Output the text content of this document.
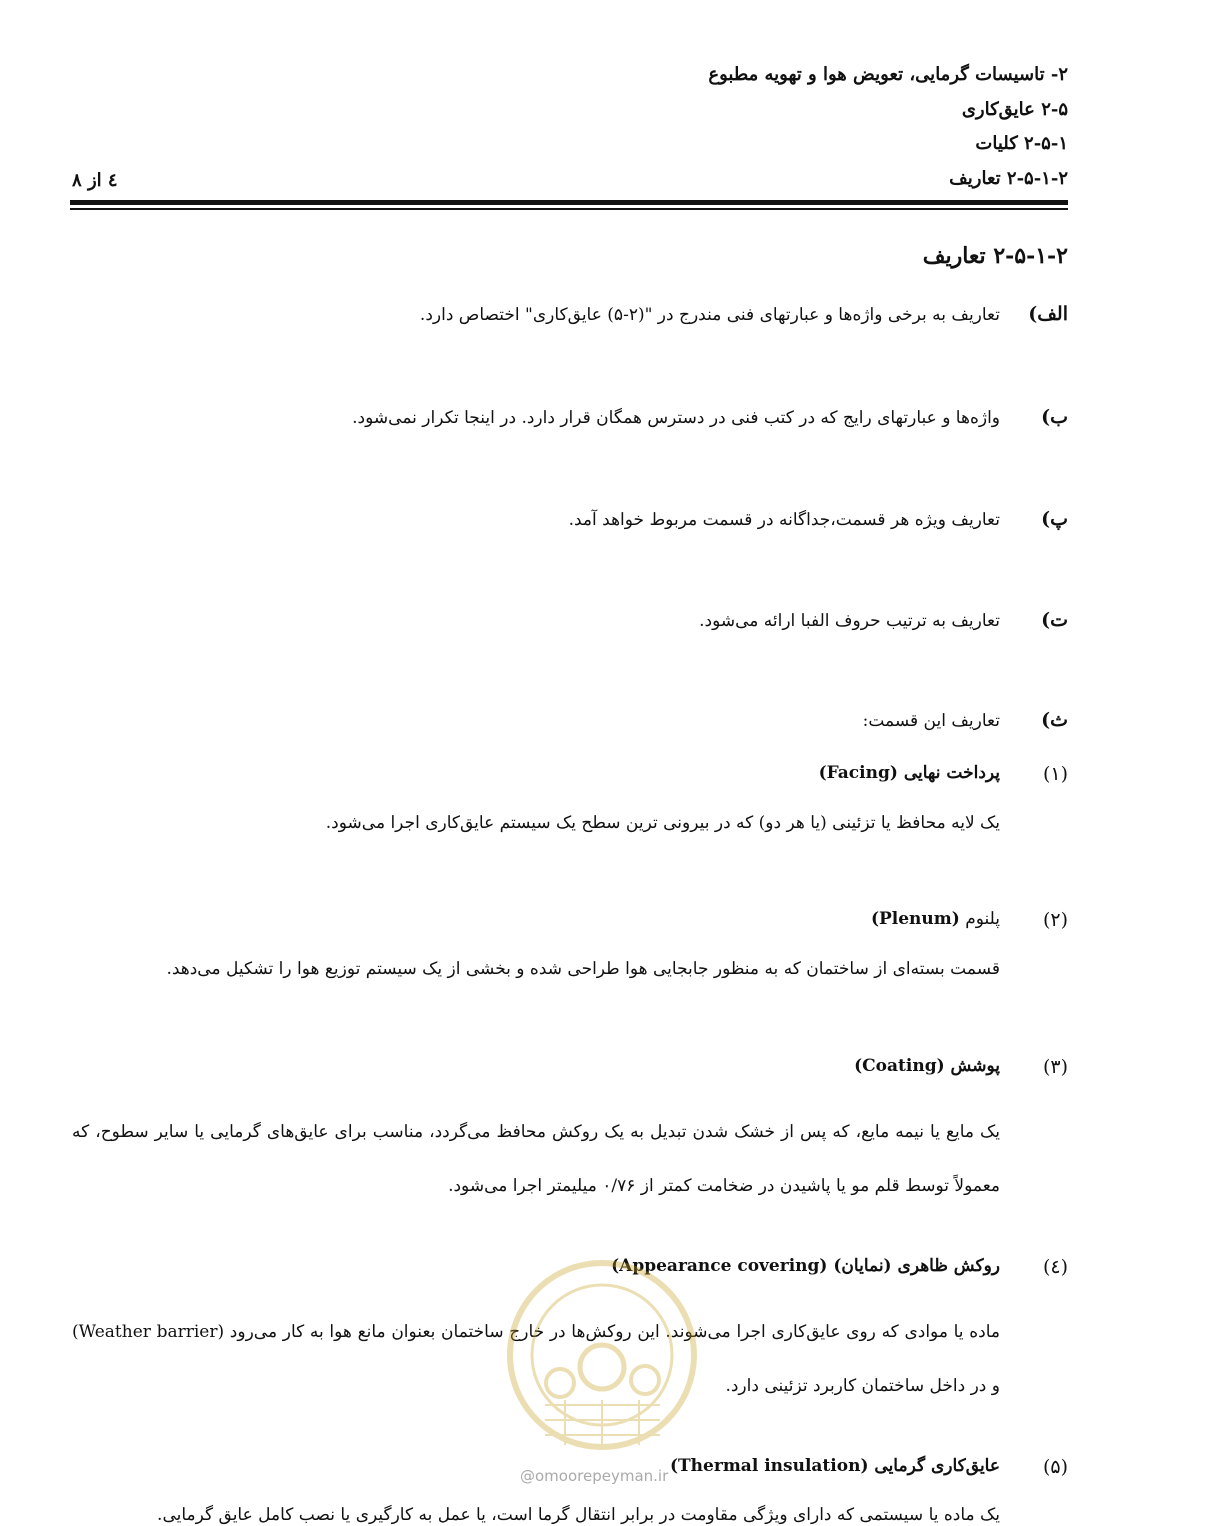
۲- تاسیسات گرمایی، تعویض هوا و تهویه مطبوع
۲-۵ عایق‌کاری
۲-۵-۱ کلیات
۲-۵-۱-۲ تعاریف
٤ از ۸
۲-۵-۱-۲ تعاریف
الف)
تعاریف به برخی واژه‌ها و عبارتهای فنی مندرج در "(۲-۵) عایق‌کاری" اختصاص دارد.
ب)
واژه‌ها و عبارتهای رایج که در کتب فنی در دسترس همگان قرار دارد. در اینجا تکرار نمی‌شود.
پ)
تعاریف ویژه هر قسمت،جداگانه در قسمت مربوط خواهد آمد.
ت)
تعاریف به ترتیب حروف الفبا ارائه می‌شود.
ث)
تعاریف این قسمت:
(۱)
پرداخت نهایی (Facing)
یک لایه محافظ یا تزئینی (یا هر دو) که در بیرونی ترین سطح یک سیستم عایق‌کاری اجرا می‌شود.
(۲)
پلنوم (Plenum)
قسمت بسته‌ای از ساختمان که به منظور جابجایی هوا طراحی شده و بخشی از یک سیستم توزیع هوا را تشکیل می‌دهد.
(۳)
پوشش (Coating)
یک مایع یا نیمه مایع، که پس از خشک شدن تبدیل به یک روکش محافظ می‌گردد، مناسب برای عایق‌های گرمایی یا سایر سطوح، که معمولاً توسط قلم مو یا پاشیدن در ضخامت کمتر از ۰/۷۶ میلیمتر اجرا می‌شود.
(٤)
روکش ظاهری (نمایان) (Appearance covering)
ماده یا موادی که روی عایق‌کاری اجرا می‌شوند. این روکش‌ها در خارج ساختمان بعنوان مانع هوا به کار می‌رود (Weather barrier) و در داخل ساختمان کاربرد تزئینی دارد.
(۵)
عایق‌کاری گرمایی (Thermal insulation)
یک ماده یا سیستمی که دارای ویژگی مقاومت در برابر انتقال گرما است، یا عمل به کارگیری یا نصب کامل عایق گرمایی.
@omoorepeyman.ir
